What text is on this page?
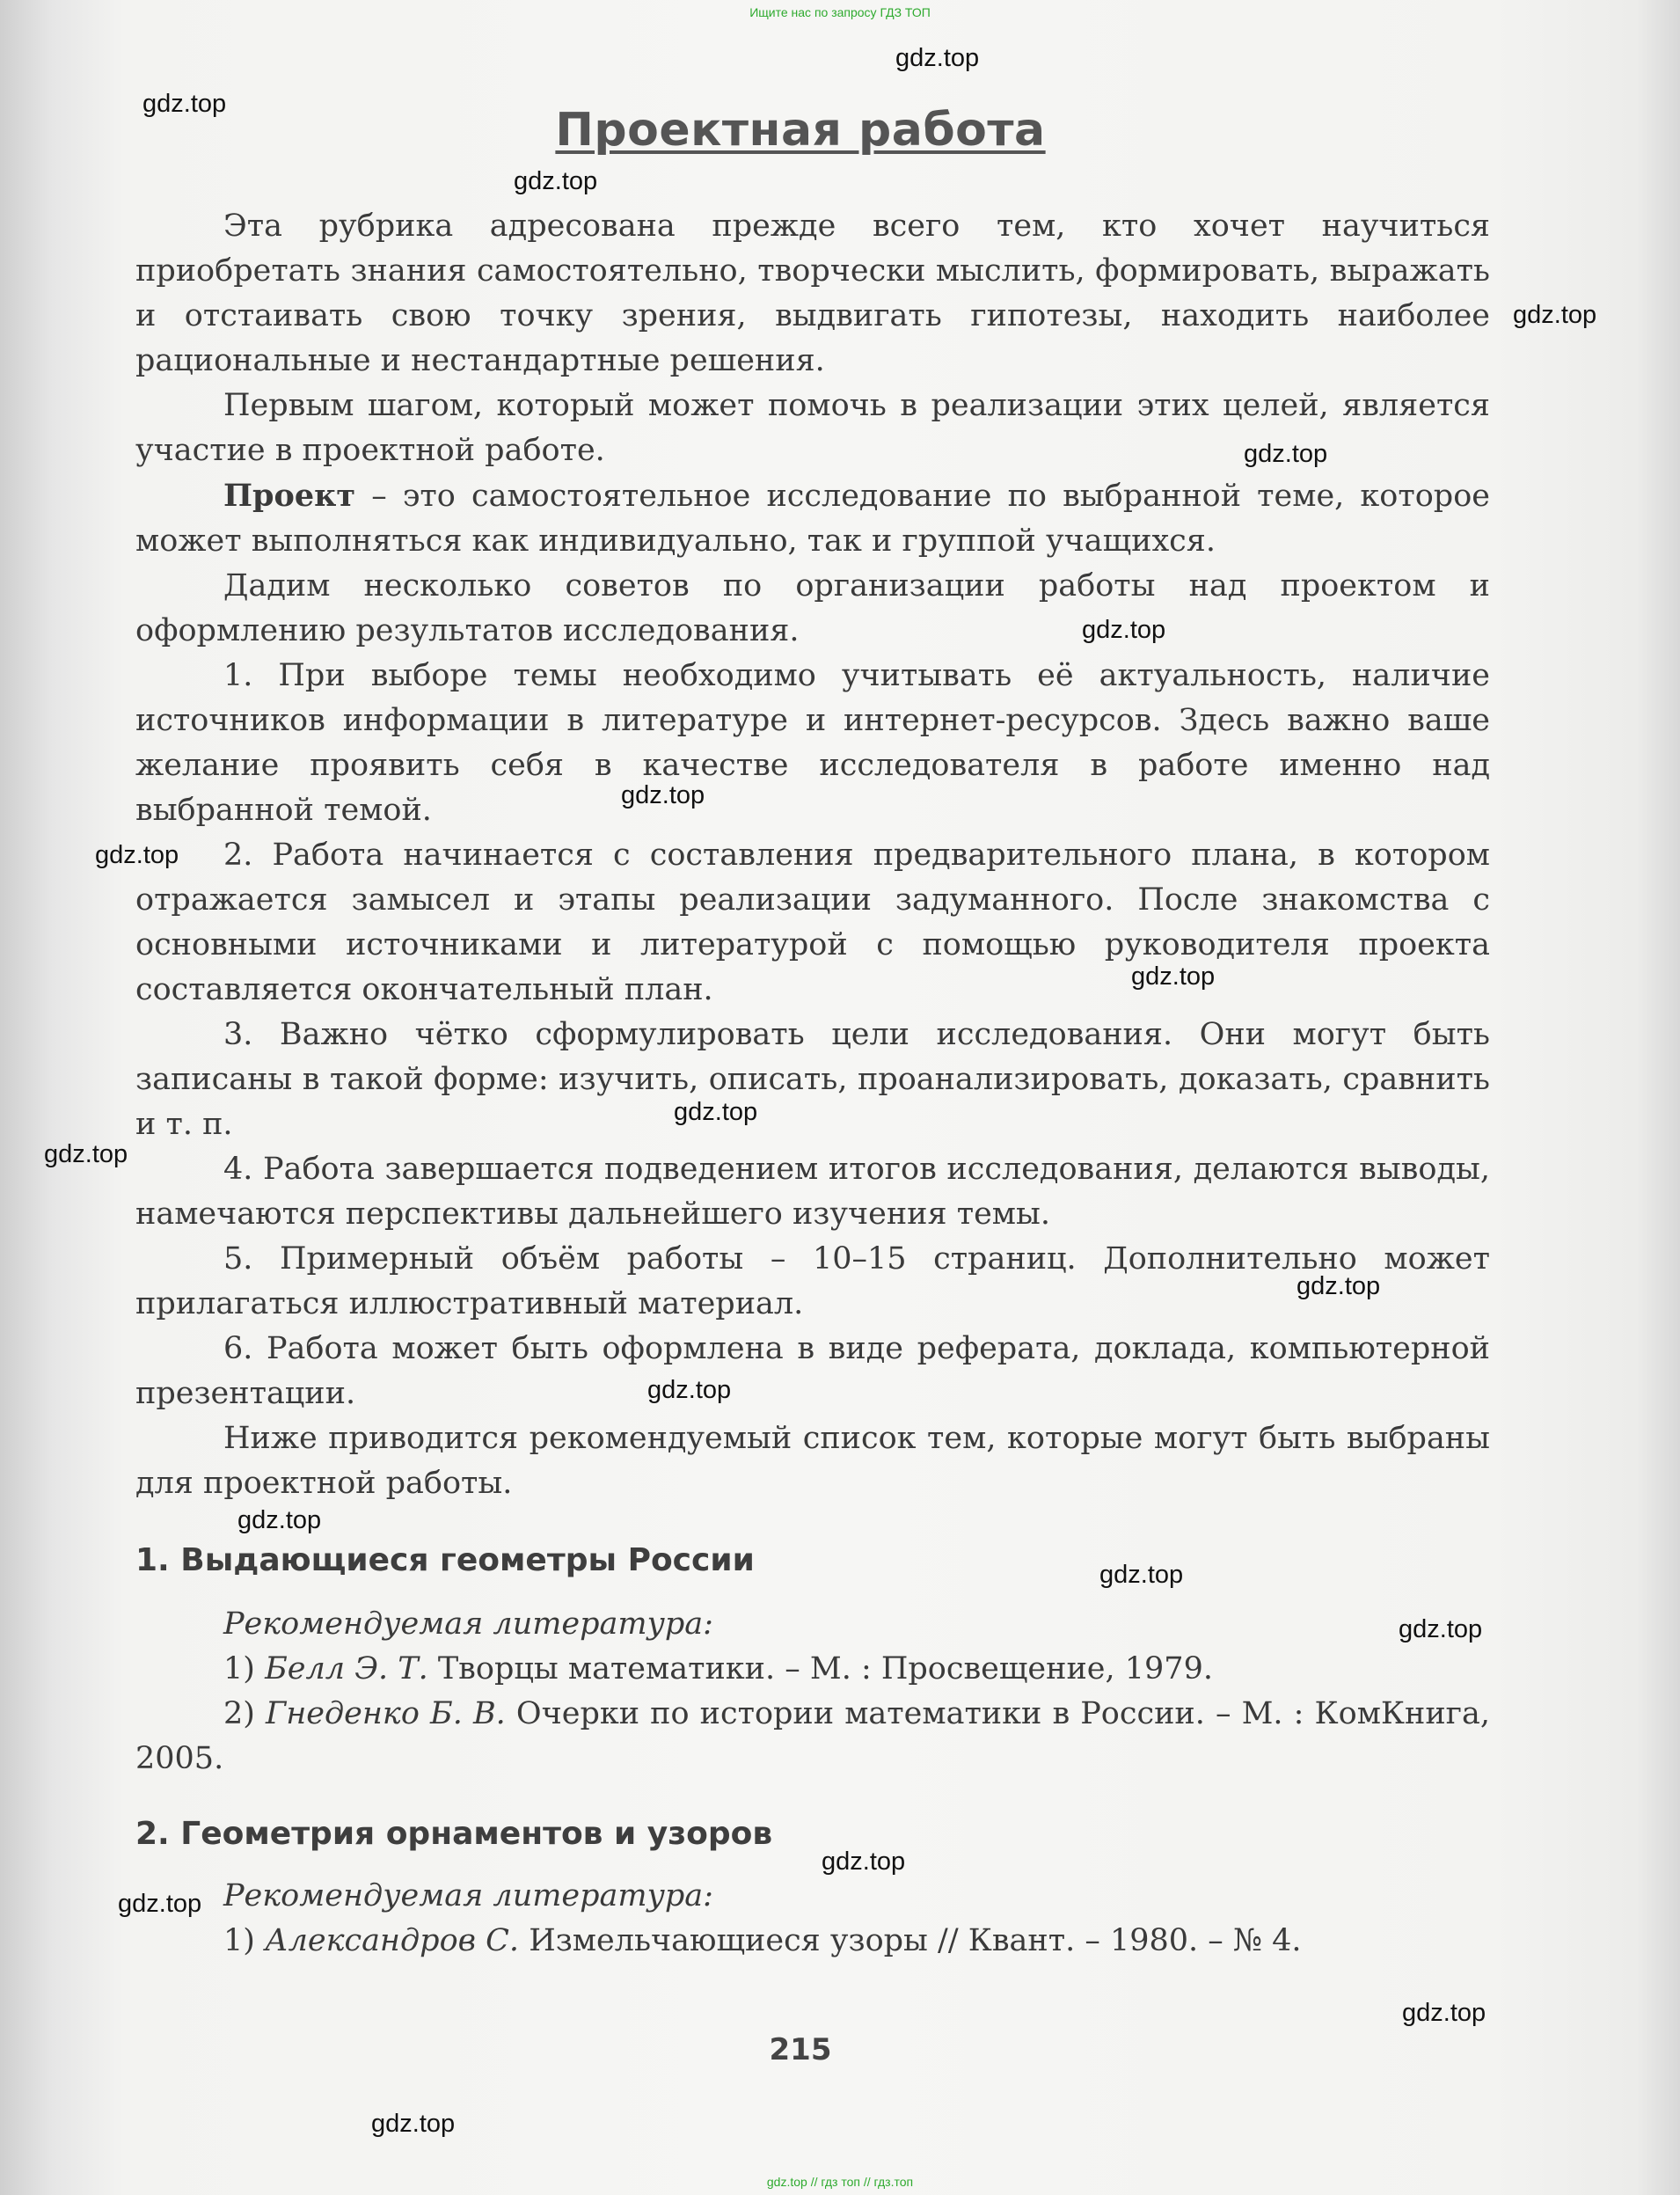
Ищите нас по запросу ГДЗ ТОП
Проектная работа

Эта рубрика адресована прежде всего тем, кто хочет научиться приобретать знания самостоятельно, творчески мыслить, формировать, выражать и отстаивать свою точку зрения, выдвигать гипотезы, находить наиболее рациональные и нестандартные решения.

Первым шагом, который может помочь в реализации этих целей, является участие в проектной работе.

Проект – это самостоятельное исследование по выбранной теме, которое может выполняться как индивидуально, так и группой учащихся.

Дадим несколько советов по организации работы над проектом и оформлению результатов исследования.

1. При выборе темы необходимо учитывать её актуальность, наличие источников информации в литературе и интернет-ресурсов. Здесь важно ваше желание проявить себя в качестве исследователя в работе именно над выбранной темой.

2. Работа начинается с составления предварительного плана, в котором отражается замысел и этапы реализации задуманного. После знакомства с основными источниками и литературой с помощью руководителя проекта составляется окончательный план.

3. Важно чётко сформулировать цели исследования. Они могут быть записаны в такой форме: изучить, описать, проанализировать, доказать, сравнить и т. п.

4. Работа завершается подведением итогов исследования, делаются выводы, намечаются перспективы дальнейшего изучения темы.

5. Примерный объём работы – 10–15 страниц. Дополнительно может прилагаться иллюстративный материал.

6. Работа может быть оформлена в виде реферата, доклада, компьютерной презентации.

Ниже приводится рекомендуемый список тем, которые могут быть выбраны для проектной работы.

1. Выдающиеся геометры России

Рекомендуемая литература:

1) Белл Э. Т. Творцы математики. – М. : Просвещение, 1979.

2) Гнеденко Б. В. Очерки по истории математики в России. – М. : КомКнига, 2005.

2. Геометрия орнаментов и узоров

Рекомендуемая литература:

1) Александров С. Измельчающиеся узоры // Квант. – 1980. – № 4.

215
gdz.top
gdz.top
gdz.top
gdz.top
gdz.top
gdz.top
gdz.top
gdz.top
gdz.top
gdz.top
gdz.top
gdz.top
gdz.top
gdz.top
gdz.top
gdz.top
gdz.top
gdz.top
gdz.top
gdz.top
gdz.top // гдз топ // гдз.топ
